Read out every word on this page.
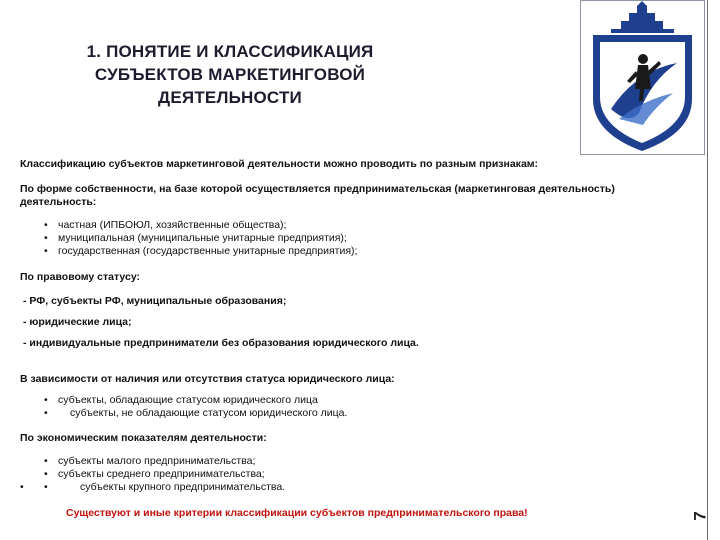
1. ПОНЯТИЕ И КЛАССИФИКАЦИЯ
СУБЪЕКТОВ МАРКЕТИНГОВОЙ
ДЕЯТЕЛЬНОСТИ

Классификацию субъектов маркетинговой деятельности можно проводить по разным признакам:

По форме собственности, на базе которой осуществляется предпринимательская (маркетинговая деятельность) деятельность:

• частная (ИПБОЮЛ, хозяйственные общества);
• муниципальная (муниципальные унитарные предприятия);
• государственная (государственные унитарные предприятия);

По правовому статусу:

- РФ, субъекты РФ, муниципальные образования;

- юридические лица;

- индивидуальные предприниматели без образования юридического лица.

В зависимости от наличия или отсутствия статуса юридического лица:

• субъекты, обладающие статусом юридического лица
• субъекты, не обладающие статусом юридического лица.

По экономическим показателям деятельности:

• субъекты малого предпринимательства;
• субъекты среднего предпринимательства;
• •	субъекты крупного предпринимательства.
Существуют и иные критерии классификации субъектов предпринимательского права!	7
